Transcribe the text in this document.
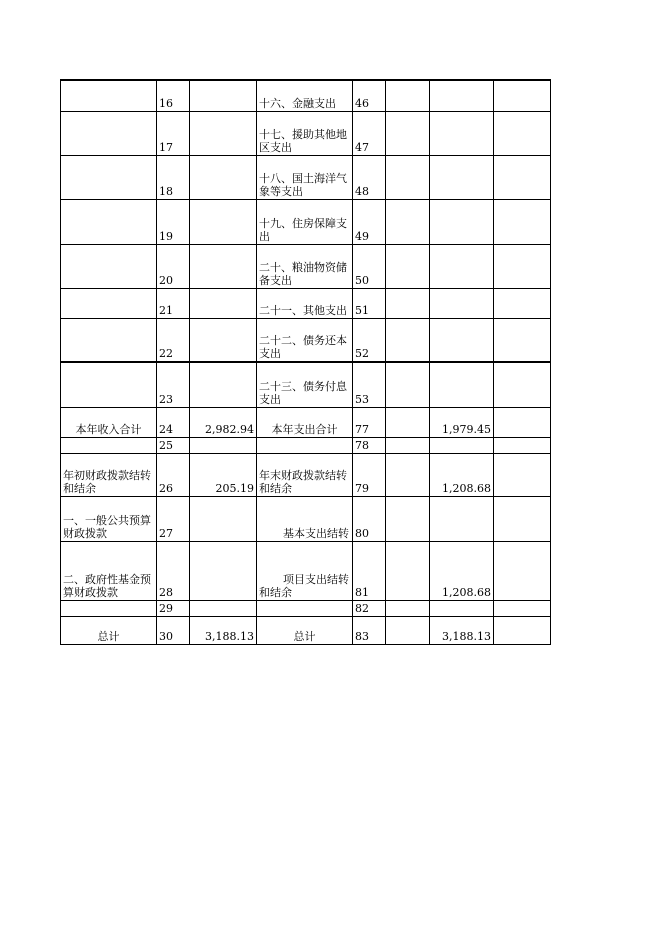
	16		十六、金融支出	46			
	17		十七、援助其他地区支出	47			
	18		十八、国土海洋气象等支出	48			
	19		十九、住房保障支出	49			
	20		二十、粮油物资储备支出	50			
	21		二十一、其他支出	51			
	22		二十二、债务还本支出	52			
	23		二十三、债务付息支出	53			
本年收入合计	24	2,982.94	本年支出合计	77		1,979.45	
	25			78			
年初财政拨款结转和结余	26	205.19	年末财政拨款结转和结余	79		1,208.68	
一、一般公共预算财政拨款	27		基本支出结转	80			
二、政府性基金预算财政拨款	28		项目支出结转和结余	81		1,208.68	
	29			82			
总计	30	3,188.13	总计	83		3,188.13	
